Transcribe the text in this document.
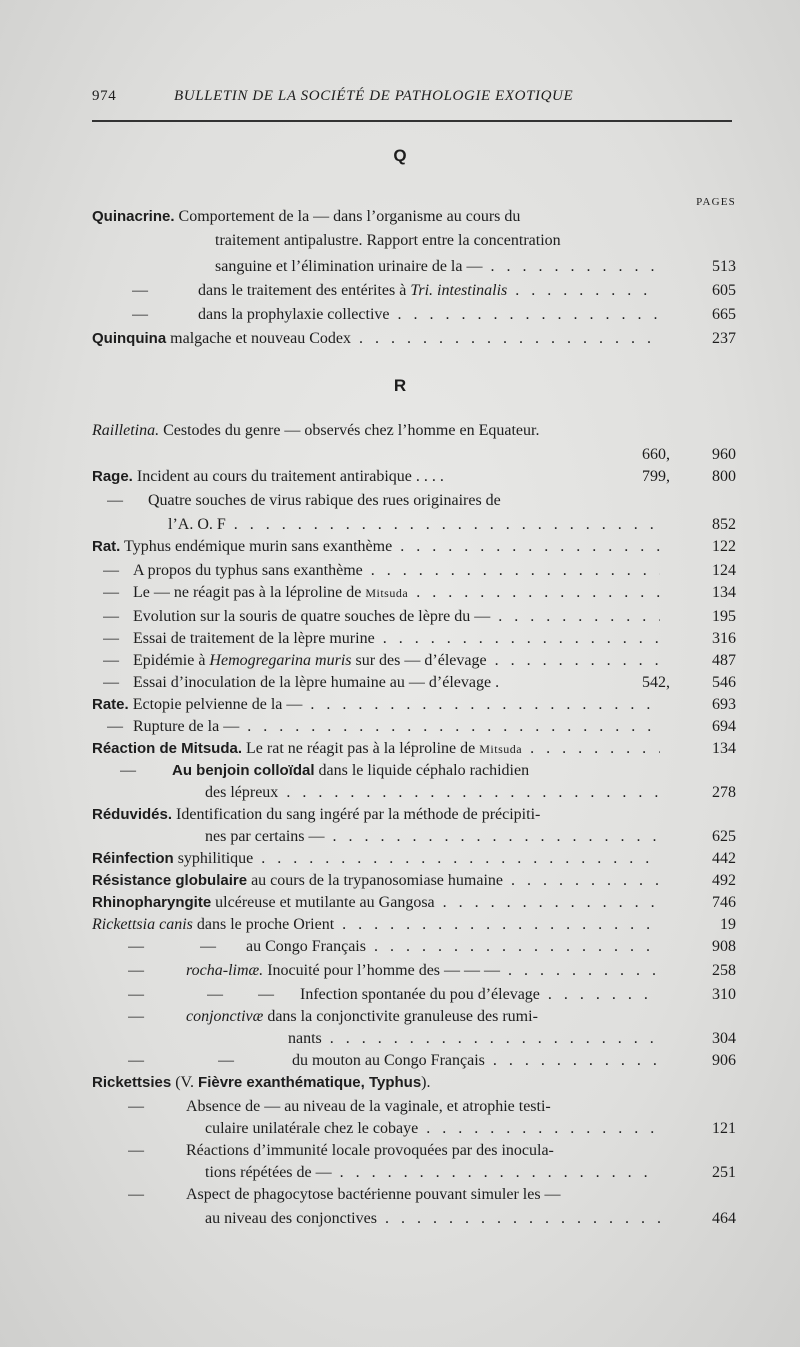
974	BULLETIN DE LA SOCIÉTÉ DE PATHOLOGIE EXOTIQUE
Q
PAGES
Quinacrine. Comportement de la — dans l’organisme au cours du
traitement antipalustre. Rapport entre la concentration
sanguine et l’élimination urinaire de la — . . .	513
—	dans le traitement des entérites à Tri. intestinalis . . .	605
—	dans la prophylaxie collective . . .	665
Quinquina malgache et nouveau Codex . . .	237
R
Railletina. Cestodes du genre — observés chez l’homme en Equateur.
660,	960
Rage. Incident au cours du traitement antirabique . . . .	799,	800
— Quatre souches de virus rabique des rues originaires de
l’A. O. F . . .	852
Rat. Typhus endémique murin sans exanthème . . .	122
— A propos du typhus sans exanthème . . .	124
— Le — ne réagit pas à la léproline de Mitsuda . . .	134
— Evolution sur la souris de quatre souches de lèpre du — . . .	195
— Essai de traitement de la lèpre murine . . .	316
— Epidémie à Hemogregarina muris sur des — d’élevage . . .	487
— Essai d’inoculation de la lèpre humaine au — d’élevage .	542,	546
Rate. Ectopie pelvienne de la — . . .	693
— Rupture de la — . . .	694
Réaction de Mitsuda. Le rat ne réagit pas à la léproline de Mitsuda . . .	134
— Au benjoin colloïdal dans le liquide céphalo rachidien
des lépreux . . .	278
Réduvidés. Identification du sang ingéré par la méthode de précipiti-
nes par certains — . . .	625
Réinfection syphilitique . . .	442
Résistance globulaire au cours de la trypanosomiase humaine . . .	492
Rhinopharyngite ulcéreuse et mutilante au Gangosa . . .	746
Rickettsia canis dans le proche Orient . . .	19
—	— au Congo Français . . .	908
—	rocha-limæ. Inocuité pour l’homme des — — — . . .	258
—	— — Infection spontanée du pou d’élevage . . .	310
—	conjonctivæ dans la conjonctivite granuleuse des rumi-
nants . . .	304
—	—	du mouton au Congo Français . . .	906
Rickettsies (V. Fièvre exanthématique, Typhus).
—	Absence de — au niveau de la vaginale, et atrophie testi-
culaire unilatérale chez le cobaye . . .	121
—	Réactions d’immunité locale provoquées par des inocula-
tions répétées de — . . .	251
—	Aspect de phagocytose bactérienne pouvant simuler les —
au niveau des conjonctives . . .	464
